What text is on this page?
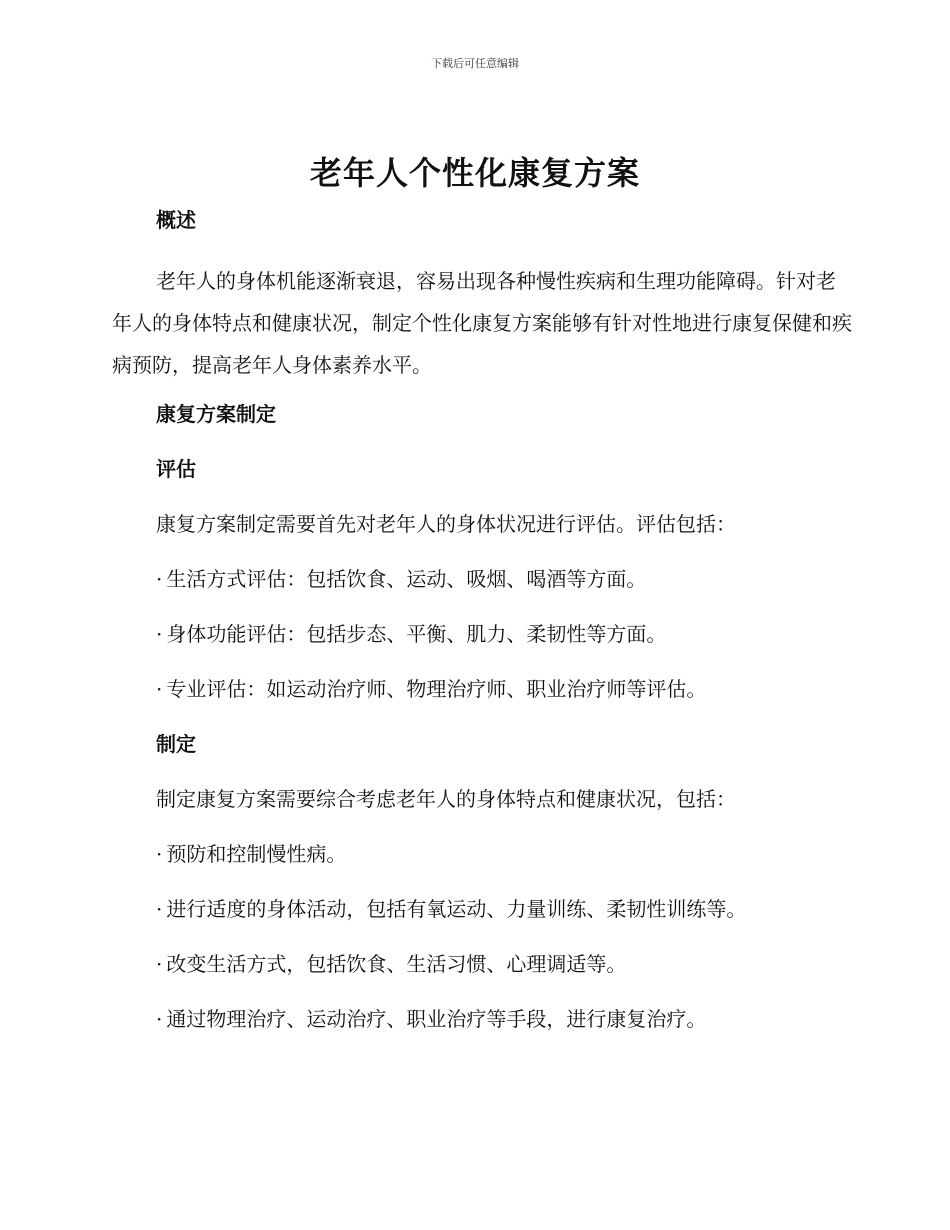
下载后可任意编辑
老年人个性化康复方案
概述

老年人的身体机能逐渐衰退，容易出现各种慢性疾病和生理功能障碍。针对老年人的身体特点和健康状况，制定个性化康复方案能够有针对性地进行康复保健和疾病预防，提高老年人身体素养水平。

康复方案制定
评估

康复方案制定需要首先对老年人的身体状况进行评估。评估包括：

· 生活方式评估：包括饮食、运动、吸烟、喝酒等方面。

· 身体功能评估：包括步态、平衡、肌力、柔韧性等方面。

· 专业评估：如运动治疗师、物理治疗师、职业治疗师等评估。

制定

制定康复方案需要综合考虑老年人的身体特点和健康状况，包括：

· 预防和控制慢性病。

· 进行适度的身体活动，包括有氧运动、力量训练、柔韧性训练等。

· 改变生活方式，包括饮食、生活习惯、心理调适等。

· 通过物理治疗、运动治疗、职业治疗等手段，进行康复治疗。
